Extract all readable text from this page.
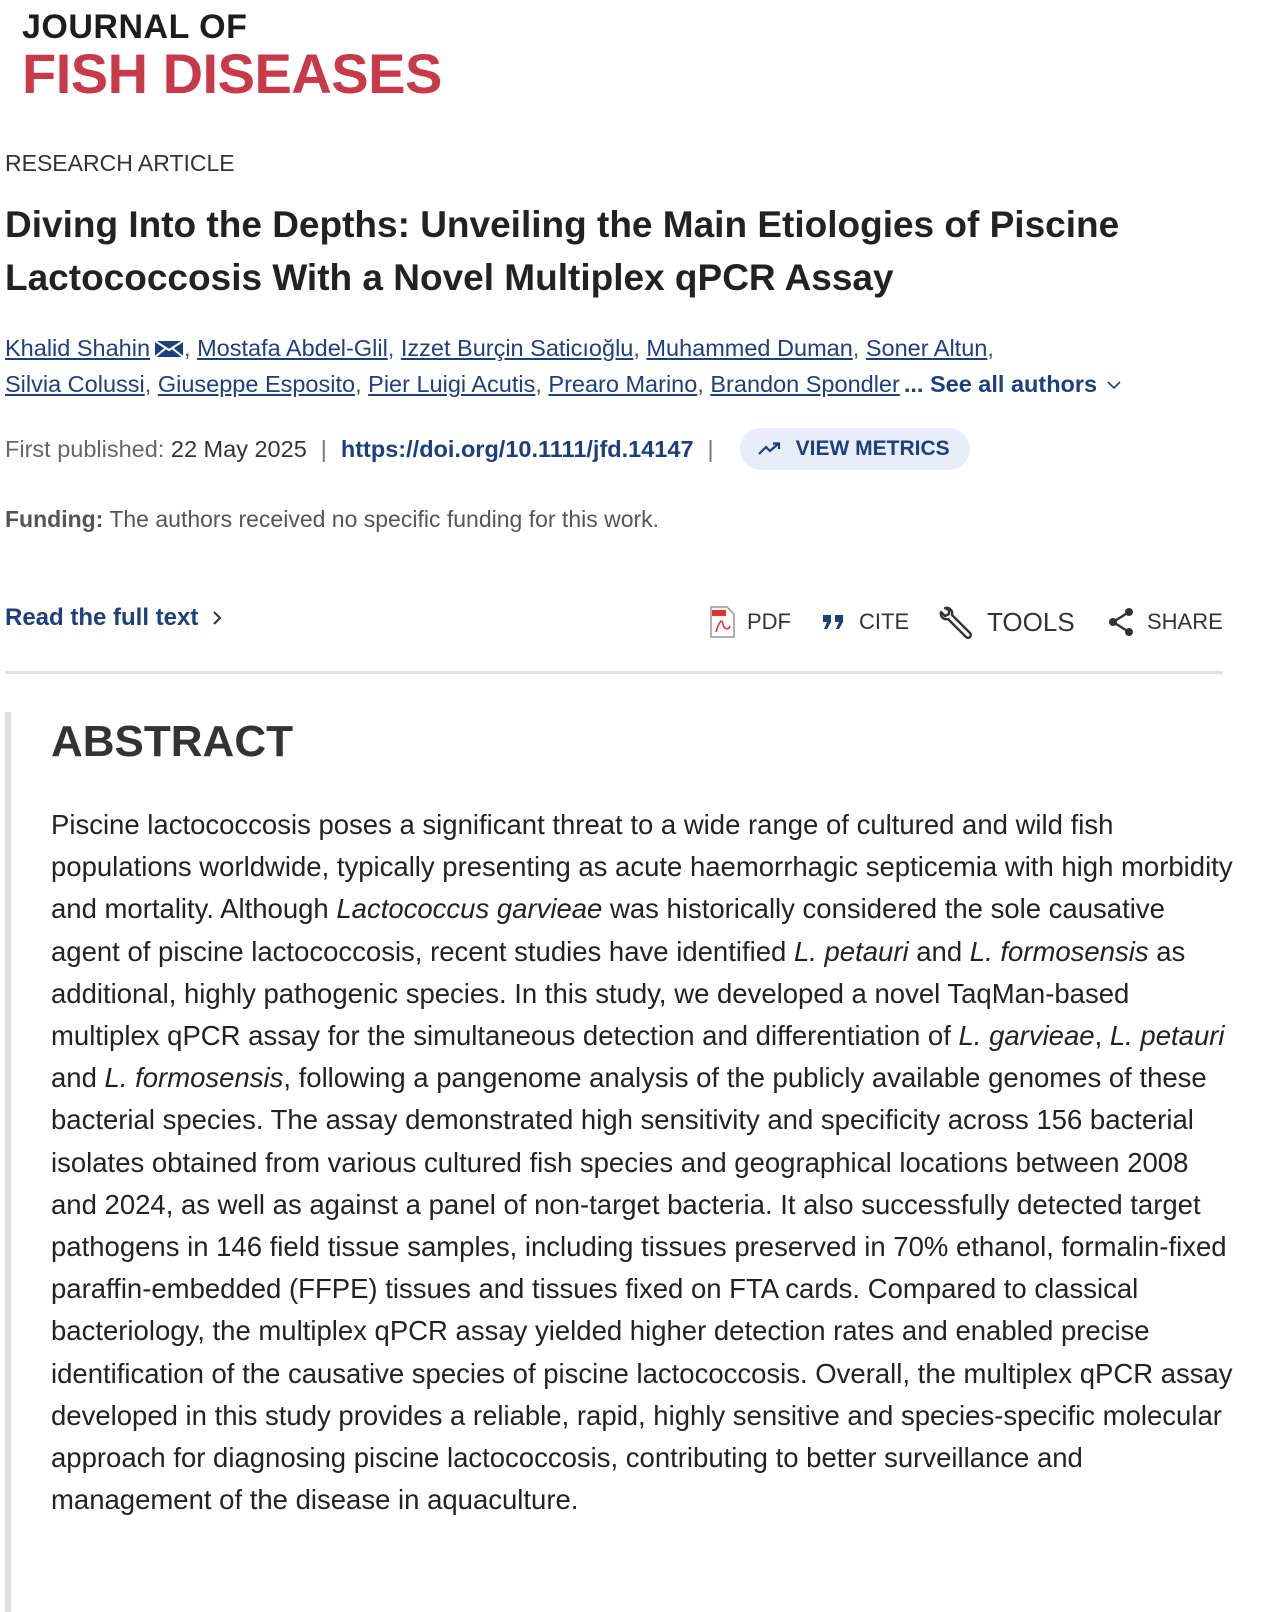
JOURNAL OF
FISH DISEASES
RESEARCH ARTICLE
Diving Into the Depths: Unveiling the Main Etiologies of Piscine Lactococcosis With a Novel Multiplex qPCR Assay
Khalid Shahin , Mostafa Abdel-Glil, Izzet Burçin Saticıoğlu, Muhammed Duman, Soner Altun,
Silvia Colussi, Giuseppe Esposito, Pier Luigi Acutis, Prearo Marino, Brandon Spondler ... See all authors
First published:
22 May 2025 | https://doi.org/10.1111/jfd.14147 |	VIEW METRICS
Funding: The authors received no specific funding for this work.
Read the full text	PDF	CITE	TOOLS	SHARE
ABSTRACT

Piscine lactococcosis poses a significant threat to a wide range of cultured and wild fish populations worldwide, typically presenting as acute haemorrhagic septicemia with high morbidity and mortality. Although Lactococcus garvieae was historically considered the sole causative agent of piscine lactococcosis, recent studies have identified L. petauri and L. formosensis as additional, highly pathogenic species. In this study, we developed a novel TaqMan-based multiplex qPCR assay for the simultaneous detection and differentiation of L. garvieae, L. petauri and L. formosensis, following a pangenome analysis of the publicly available genomes of these bacterial species. The assay demonstrated high sensitivity and specificity across 156 bacterial isolates obtained from various cultured fish species and geographical locations between 2008 and 2024, as well as against a panel of non-target bacteria. It also successfully detected target pathogens in 146 field tissue samples, including tissues preserved in 70% ethanol, formalin-fixed paraffin-embedded (FFPE) tissues and tissues fixed on FTA cards. Compared to classical bacteriology, the multiplex qPCR assay yielded higher detection rates and enabled precise identification of the causative species of piscine lactococcosis. Overall, the multiplex qPCR assay developed in this study provides a reliable, rapid, highly sensitive and species-specific molecular approach for diagnosing piscine lactococcosis, contributing to better surveillance and management of the disease in aquaculture.
